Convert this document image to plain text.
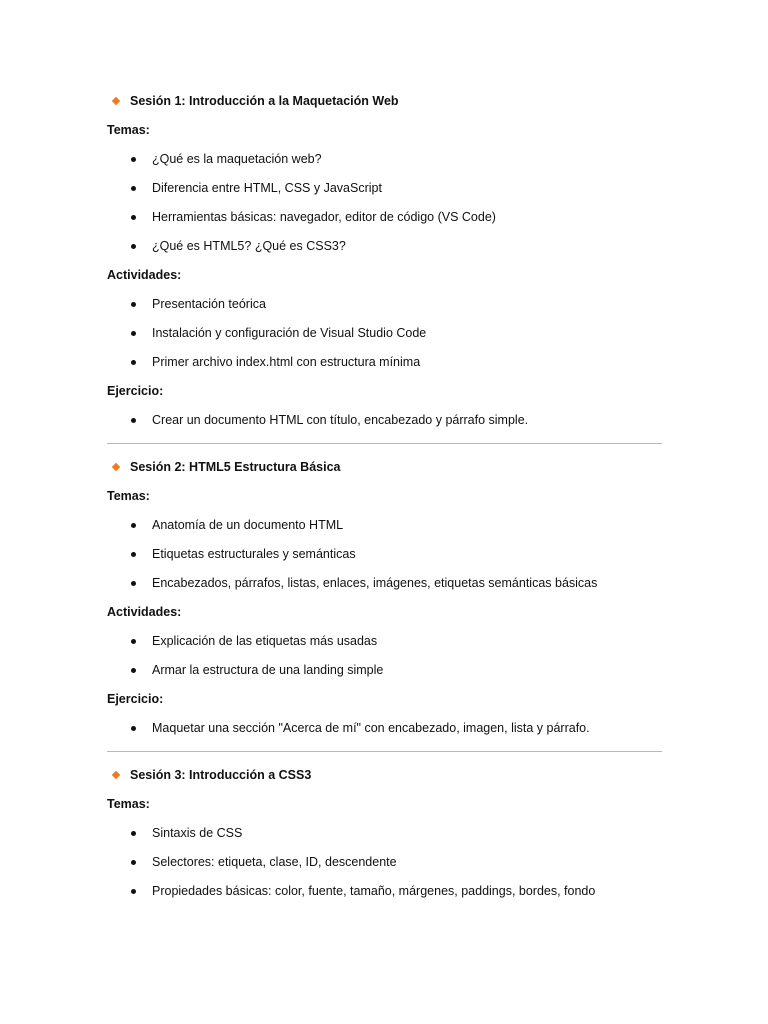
Sesión 1: Introducción a la Maquetación Web
Temas:
¿Qué es la maquetación web?
Diferencia entre HTML, CSS y JavaScript
Herramientas básicas: navegador, editor de código (VS Code)
¿Qué es HTML5? ¿Qué es CSS3?
Actividades:
Presentación teórica
Instalación y configuración de Visual Studio Code
Primer archivo index.html con estructura mínima
Ejercicio:
Crear un documento HTML con título, encabezado y párrafo simple.
Sesión 2: HTML5 Estructura Básica
Temas:
Anatomía de un documento HTML
Etiquetas estructurales y semánticas
Encabezados, párrafos, listas, enlaces, imágenes, etiquetas semánticas básicas
Actividades:
Explicación de las etiquetas más usadas
Armar la estructura de una landing simple
Ejercicio:
Maquetar una sección "Acerca de mí" con encabezado, imagen, lista y párrafo.
Sesión 3: Introducción a CSS3
Temas:
Sintaxis de CSS
Selectores: etiqueta, clase, ID, descendente
Propiedades básicas: color, fuente, tamaño, márgenes, paddings, bordes, fondo
